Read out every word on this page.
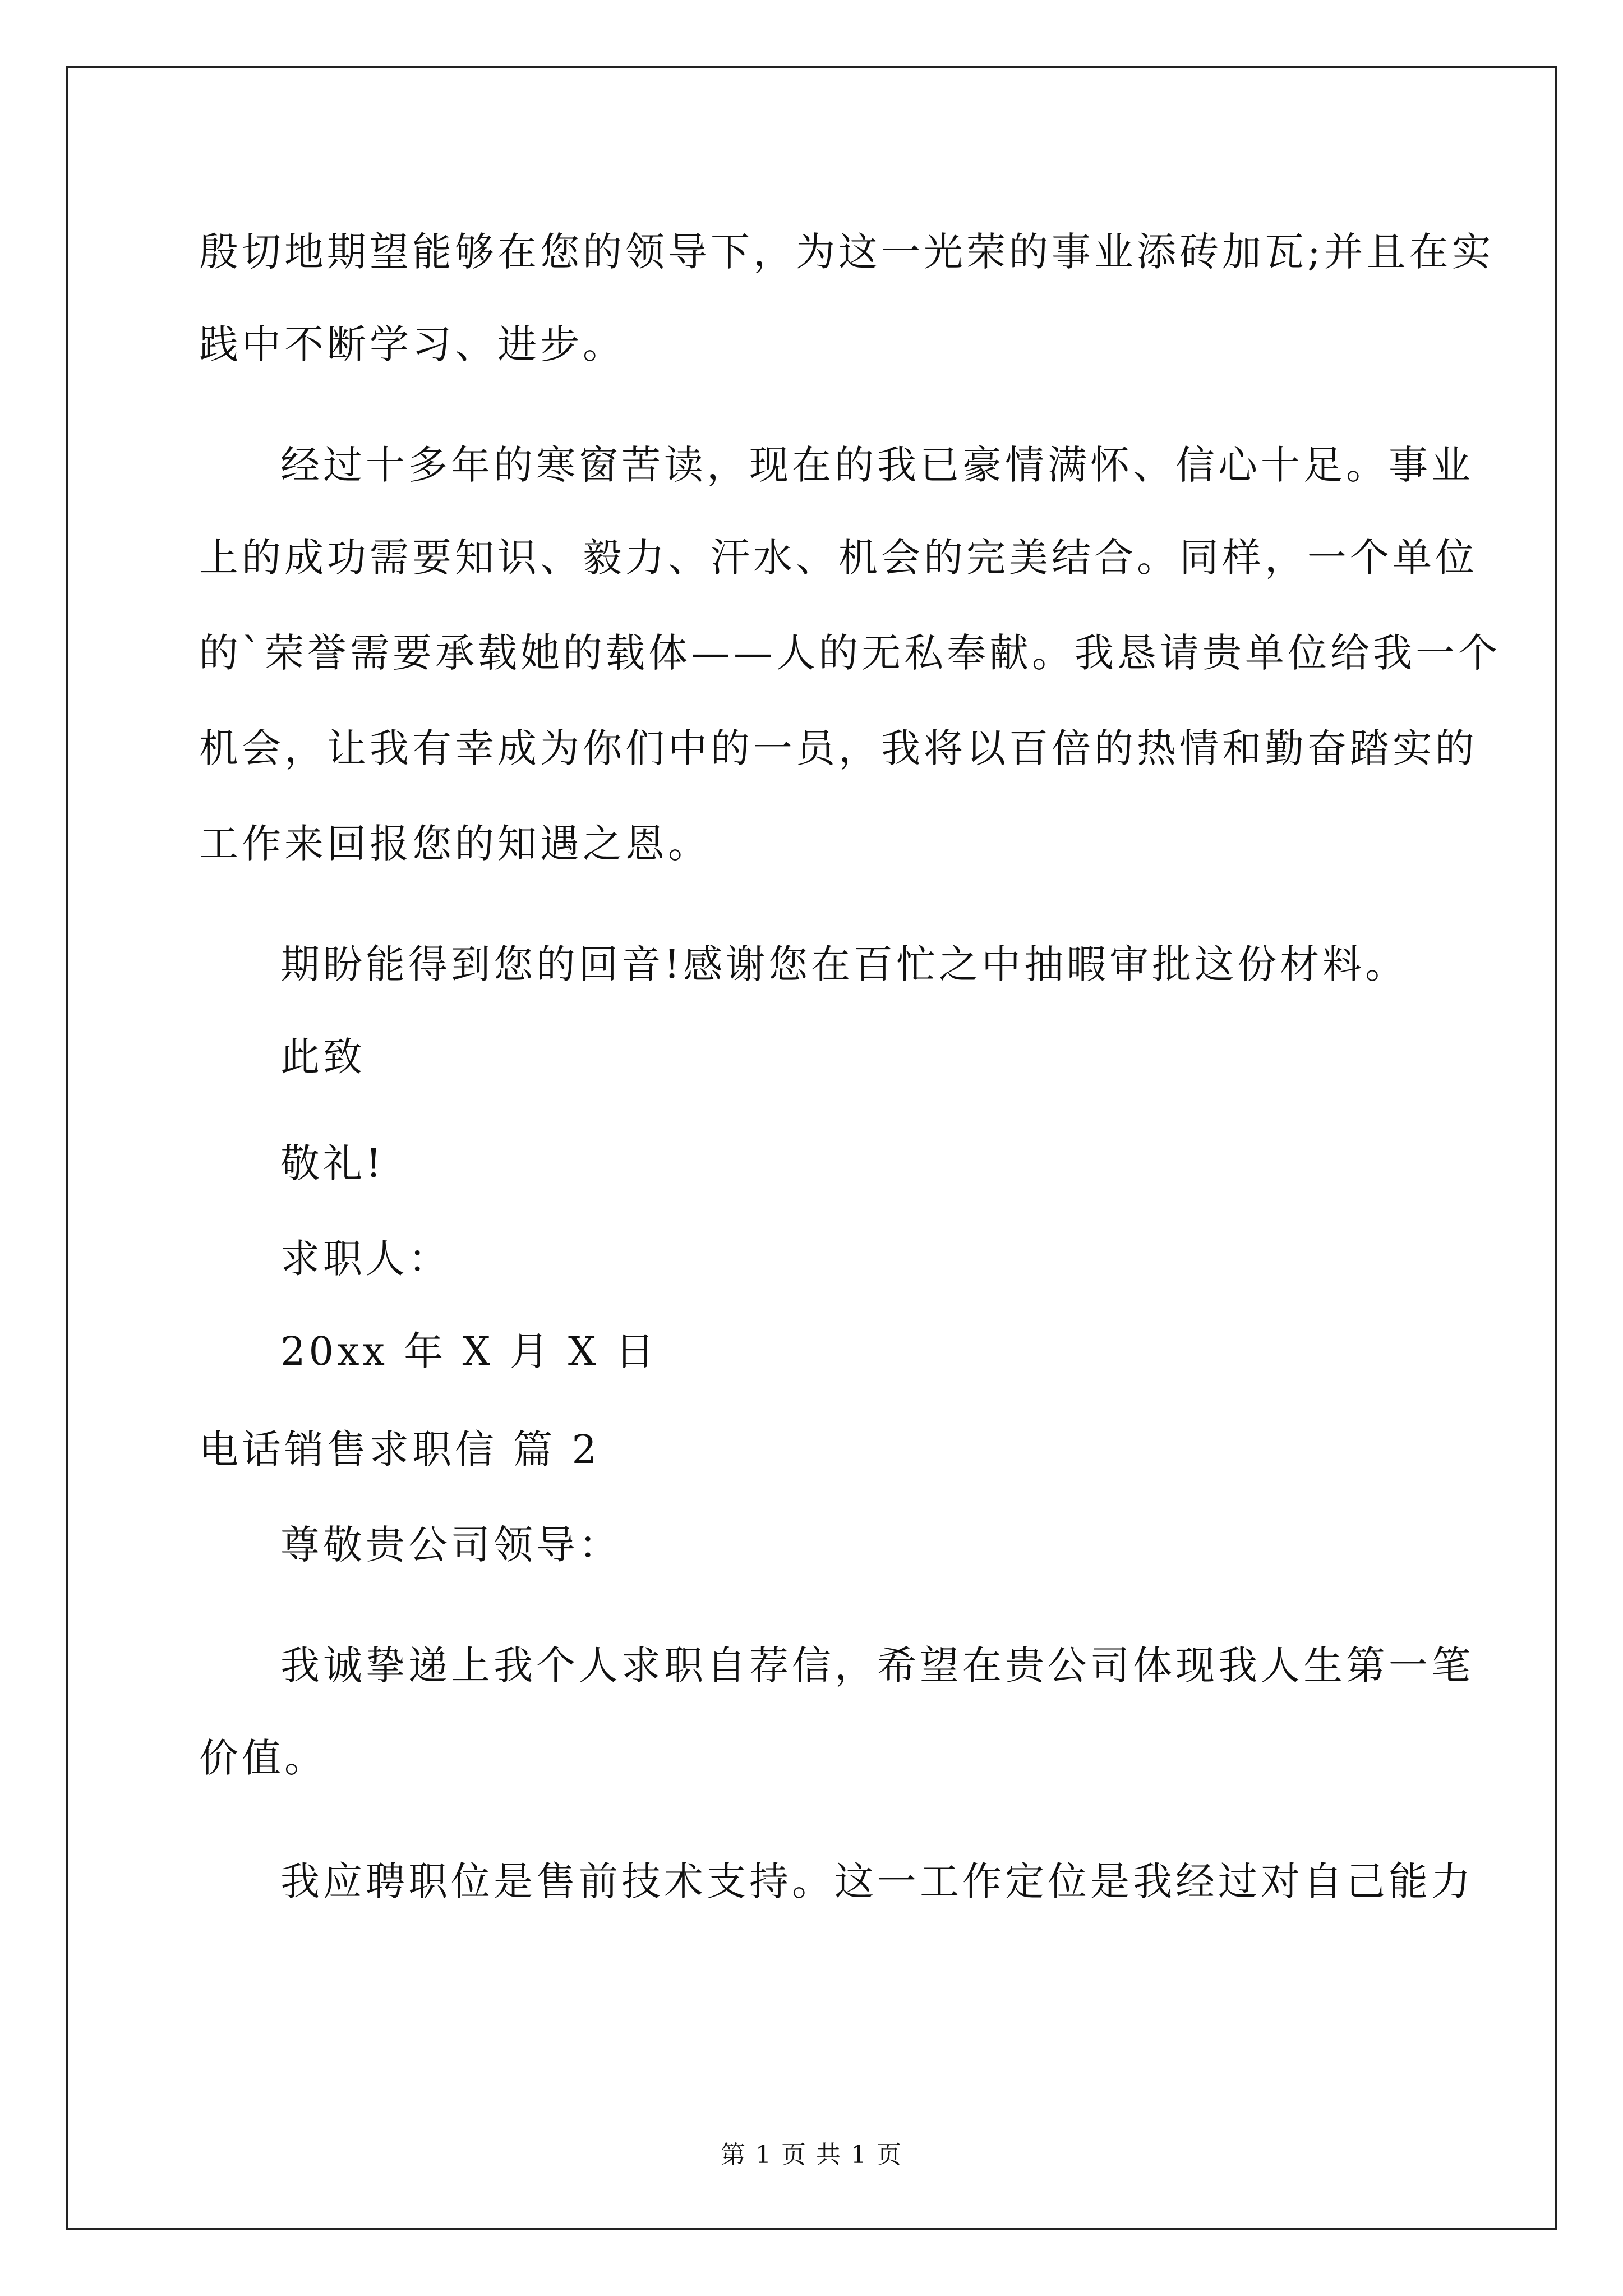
殷切地期望能够在您的领导下，为这一光荣的事业添砖加瓦;并且在实
践中不断学习、进步。
经过十多年的寒窗苦读，现在的我已豪情满怀、信心十足。事业
上的成功需要知识、毅力、汗水、机会的完美结合。同样，一个单位
的`荣誉需要承载她的载体——人的无私奉献。我恳请贵单位给我一个
机会，让我有幸成为你们中的一员，我将以百倍的热情和勤奋踏实的
工作来回报您的知遇之恩。
期盼能得到您的回音!感谢您在百忙之中抽暇审批这份材料。
此致
敬礼!
求职人：
20xx 年 X 月 X 日
电话销售求职信 篇 2
尊敬贵公司领导：
我诚挚递上我个人求职自荐信，希望在贵公司体现我人生第一笔
价值。
我应聘职位是售前技术支持。这一工作定位是我经过对自己能力
第 1 页 共 1 页
